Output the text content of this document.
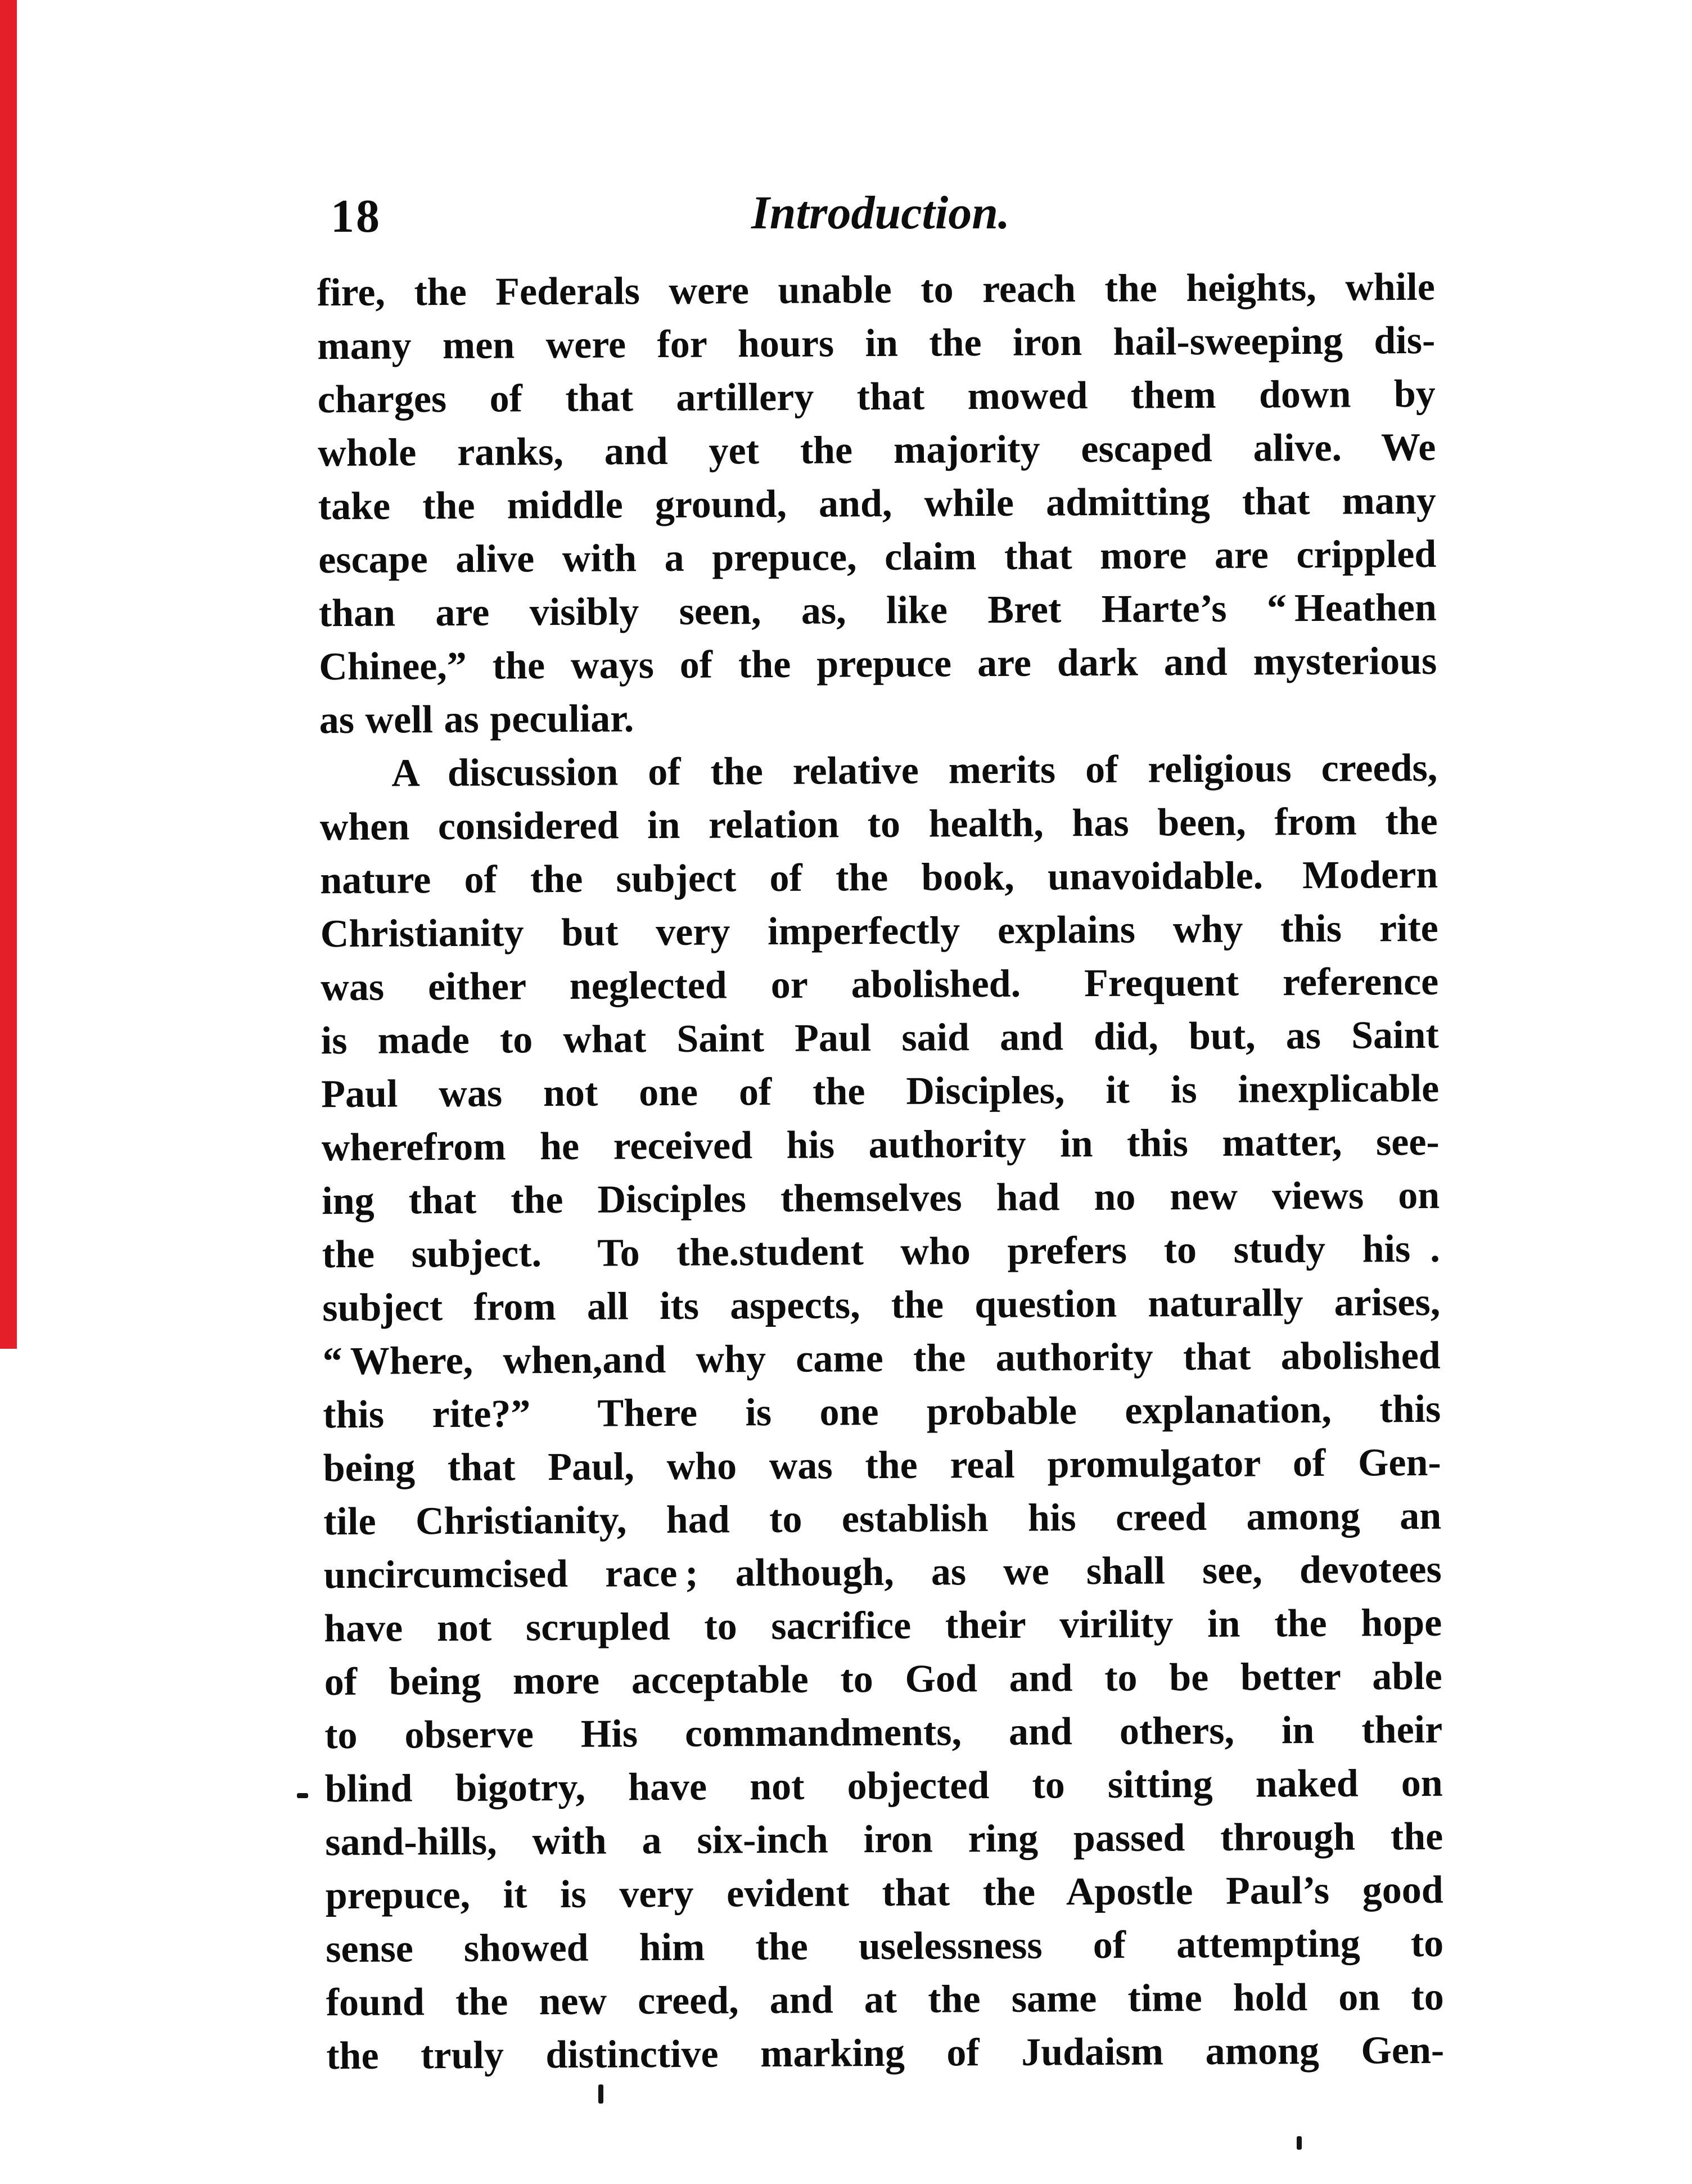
18	Introduction.
fire, the Federals were unable to reach the heights, while
many men were for hours in the iron hail-sweeping dis-
charges of that artillery that mowed them down by
whole ranks, and yet the majority escaped alive. We
take the middle ground, and, while admitting that many
escape alive with a prepuce, claim that more are crippled
than are visibly seen, as, like Bret Harte’s “ Heathen
Chinee,” the ways of the prepuce are dark and mysterious
as well as peculiar.
A discussion of the relative merits of religious creeds,
when considered in relation to health, has been, from the
nature of the subject of the book, unavoidable. Modern
Christianity but very imperfectly explains why this rite
was either neglected or abolished.  Frequent reference
is made to what Saint Paul said and did, but, as Saint
Paul was not one of the Disciples, it is inexplicable
wherefrom he received his authority in this matter, see-
ing that the Disciples themselves had no new views on
the subject.  To the.student who prefers to study his .
subject from all its aspects, the question naturally arises,
“ Where, when,and why came the authority that abolished
this rite?”  There is one probable explanation, this
being that Paul, who was the real promulgator of Gen-
tile Christianity, had to establish his creed among an
uncircumcised race ; although, as we shall see, devotees
have not scrupled to sacrifice their virility in the hope
of being more acceptable to God and to be better able
to observe His commandments, and others, in their
blind bigotry, have not objected to sitting naked on
sand-hills, with a six-inch iron ring passed through the
prepuce, it is very evident that the Apostle Paul’s good
sense showed him the uselessness of attempting to
found the new creed, and at the same time hold on to
the truly distinctive marking of Judaism among Gen-
